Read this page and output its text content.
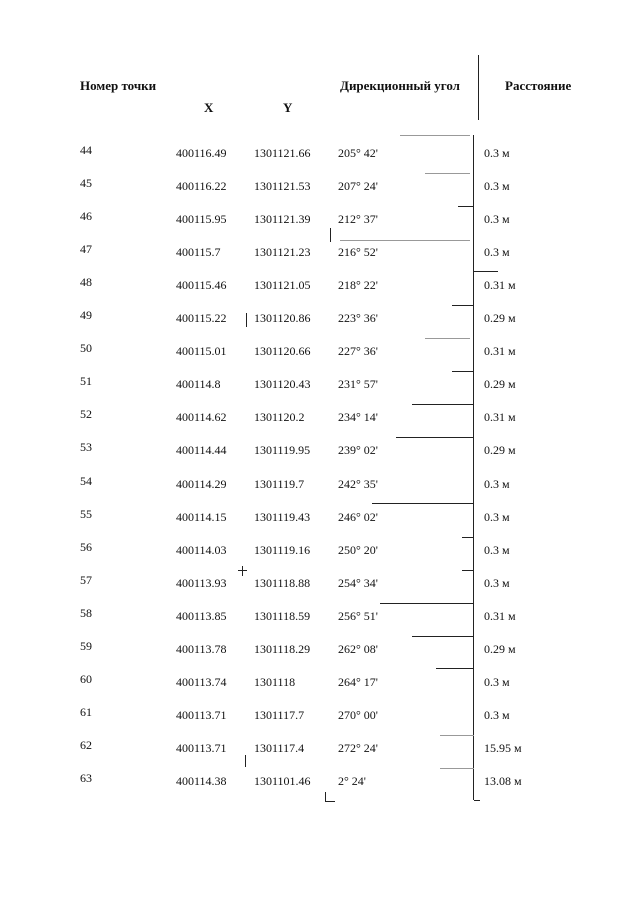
Номер точки
X	Y
Дирекционный угол	Расстояние
44	400116.49 1301121.66 205° 42'	0.3 м
45	400116.22 1301121.53 207° 24'	0.3 м
46	400115.95 1301121.39 212° 37'	0.3 м
47	400115.7	1301121.23 216° 52'	0.3 м
48	400115.46 1301121.05 218° 22'	0.31 м
49	400115.22 1301120.86 223° 36'	0.29 м
50	400115.01 1301120.66 227° 36'	0.31 м
51	400114.8	1301120.43 231° 57'	0.29 м
52	400114.62 1301120.2	234° 14'	0.31 м
53	400114.44 1301119.95 239° 02'	0.29 м
54	400114.29 1301119.7	242° 35'	0.3 м
55	400114.15 1301119.43 246° 02'	0.3 м
56	400114.03 1301119.16 250° 20'	0.3 м
57	400113.93 1301118.88 254° 34'	0.3 м
58	400113.85 1301118.59 256° 51'	0.31 м
59	400113.78 1301118.29 262° 08'	0.29 м
60	400113.74 1301118	264° 17'	0.3 м
61	400113.71 1301117.7	270° 00'	0.3 м
62	400113.71 1301117.4	272° 24'	15.95 м
63	400114.38 1301101.46 2° 24'	13.08 м
